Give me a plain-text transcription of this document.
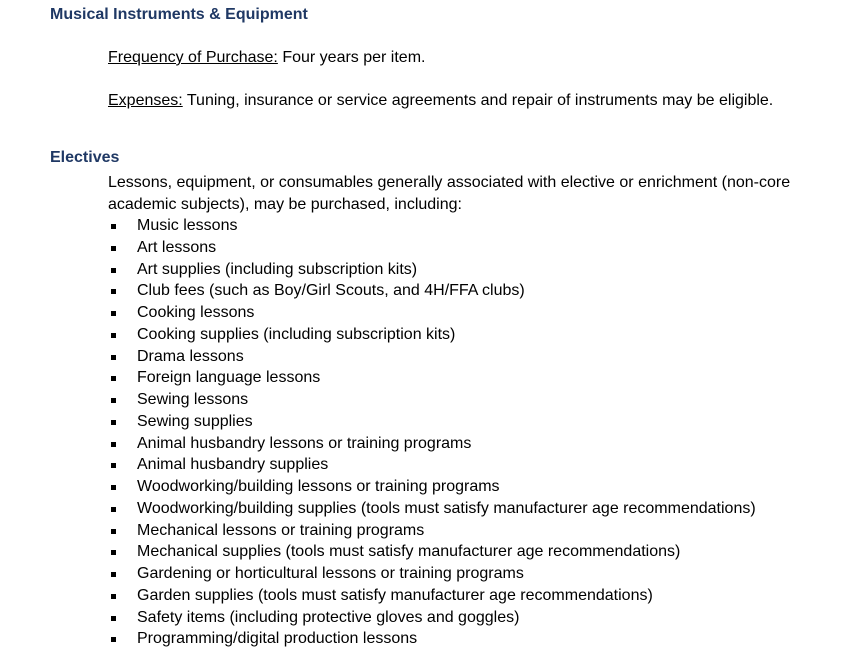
Musical Instruments & Equipment
Frequency of Purchase: Four years per item.
Expenses: Tuning, insurance or service agreements and repair of instruments may be eligible.
Electives
Lessons, equipment, or consumables generally associated with elective or enrichment (non-core academic subjects), may be purchased, including:
Music lessons
Art lessons
Art supplies (including subscription kits)
Club fees (such as Boy/Girl Scouts, and 4H/FFA clubs)
Cooking lessons
Cooking supplies (including subscription kits)
Drama lessons
Foreign language lessons
Sewing lessons
Sewing supplies
Animal husbandry lessons or training programs
Animal husbandry supplies
Woodworking/building lessons or training programs
Woodworking/building supplies (tools must satisfy manufacturer age recommendations)
Mechanical lessons or training programs
Mechanical supplies (tools must satisfy manufacturer age recommendations)
Gardening or horticultural lessons or training programs
Garden supplies (tools must satisfy manufacturer age recommendations)
Safety items (including protective gloves and goggles)
Programming/digital production lessons
